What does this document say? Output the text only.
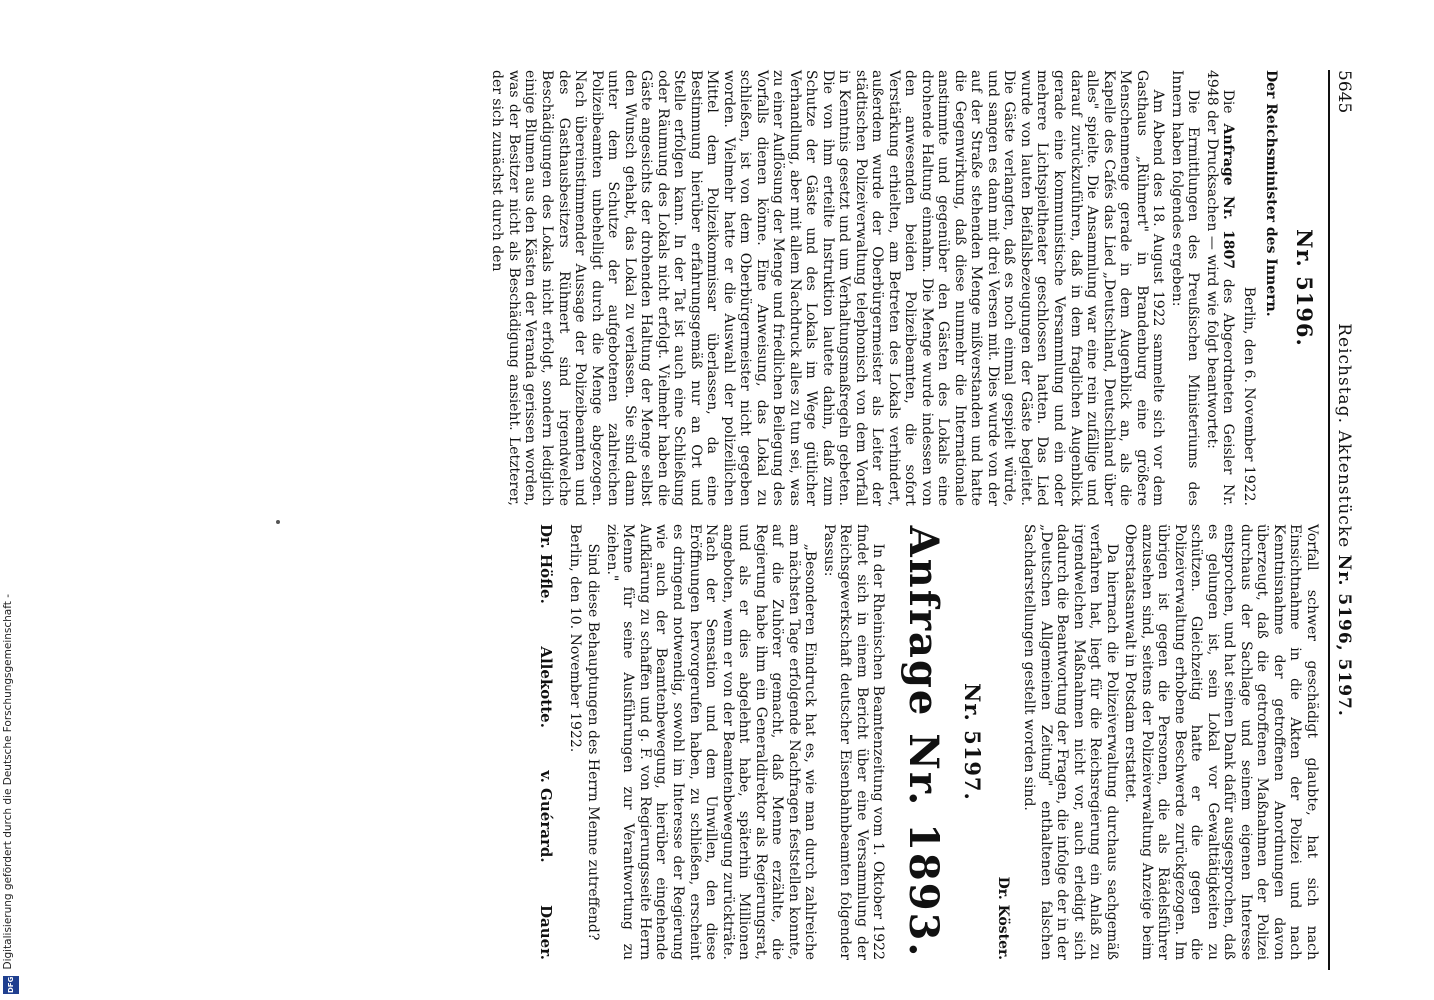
Digitalisierung gefördert durch die Deutsche Forschungsgemeinschaft -
DFG
5645
Reichstag. Aktenstücke Nr. 5196, 5197.
Nr. 5196.
Der Reichsminister des Innern.
Berlin, den 6. November 1922.

Die Anfrage Nr. 1807 des Abgeordneten Geisler Nr. 4948 der Drucksachen — wird wie folgt beantwortet:

Die Ermittlungen des Preußischen Ministeriums des Innern haben folgendes ergeben:

Am Abend des 18. August 1922 sammelte sich vor dem Gasthaus „Rühmert" in Brandenburg eine größere Menschenmenge gerade in dem Augenblick an, als die Kapelle des Cafés das Lied „Deutschland, Deutschland über alles" spielte. Die Ansammlung war eine rein zufällige und darauf zurückzuführen, daß in dem fraglichen Augenblick gerade eine kommunistische Versammlung und ein oder mehrere Lichtspieltheater geschlossen hatten. Das Lied wurde von lauten Beifallsbezeugungen der Gäste begleitet. Die Gäste verlangten, daß es noch einmal gespielt würde, und sangen es dann mit drei Versen mit. Dies wurde von der auf der Straße stehenden Menge mißverstanden und hatte die Gegenwirkung, daß diese nunmehr die Internationale anstimmte und gegenüber den Gästen des Lokals eine drohende Haltung einnahm. Die Menge wurde indessen von den anwesenden beiden Polizeibeamten, die sofort Verstärkung erhielten, am Betreten des Lokals verhindert, außerdem wurde der Oberbürgermeister als Leiter der städtischen Polizeiverwaltung telephonisch von dem Vorfall in Kenntnis gesetzt und um Verhaltungsmaßregeln gebeten. Die von ihm erteilte Instruktion lautete dahin, daß zum Schutze der Gäste und des Lokals im Wege gütlicher Verhandlung, aber mit allem Nachdruck alles zu tun sei, was zu einer Auflösung der Menge und friedlichen Beilegung des Vorfalls dienen könne. Eine Anweisung, das Lokal zu schließen, ist von dem Oberbürgermeister nicht gegeben worden. Vielmehr hatte er die Auswahl der polizeilichen Mittel dem Polizeikommissar überlassen, da eine Bestimmung hierüber erfahrungsgemäß nur an Ort und Stelle erfolgen kann. In der Tat ist auch eine Schließung oder Räumung des Lokals nicht erfolgt. Vielmehr haben die Gäste angesichts der drohenden Haltung der Menge selbst den Wunsch gehabt, das Lokal zu verlassen. Sie sind dann unter dem Schutze der aufgebotenen zahlreichen Polizeibeamten unbehelligt durch die Menge abgezogen. Nach übereinstimmender Aussage der Polizeibeamten und des Gasthausbesitzers Rühmert sind irgendwelche Beschädigungen des Lokals nicht erfolgt, sondern lediglich einige Blumen aus den Kästen der Veranda gerissen worden, was der Besitzer nicht als Beschädigung ansieht. Letzterer, der sich zunächst durch den

Vorfall schwer geschädigt glaubte, hat sich nach Einsichtnahme in die Akten der Polizei und nach Kenntnisnahme der getroffenen Anordnungen davon überzeugt, daß die getroffenen Maßnahmen der Polizei durchaus der Sachlage und seinem eigenen Interesse entsprochen, und hat seinen Dank dafür ausgesprochen, daß es gelungen ist, sein Lokal vor Gewalttätigkeiten zu schützen. Gleichzeitig hatte er die gegen die Polizeiverwaltung erhobene Beschwerde zurückgezogen. Im übrigen ist gegen die Personen, die als Rädelsführer anzusehen sind, seitens der Polizeiverwaltung Anzeige beim Oberstaatsanwalt in Potsdam erstattet.

Da hiernach die Polizeiverwaltung durchaus sachgemäß verfahren hat, liegt für die Reichsregierung ein Anlaß zu irgendwelchen Maßnahmen nicht vor, auch erledigt sich dadurch die Beantwortung der Fragen, die infolge der in der „Deutschen Allgemeinen Zeitung" enthaltenen falschen Sachdarstellungen gestellt worden sind.

Dr. Köster.
Nr. 5197.
Anfrage Nr. 1893.

In der Rheinischen Beamtenzeitung vom 1. Oktober 1922 findet sich in einem Bericht über eine Versammlung der Reichsgewerkschaft deutscher Eisenbahnbeamten folgender Passus:

„Besonderen Eindruck hat es, wie man durch zahlreiche am nächsten Tage erfolgende Nachfragen feststellen konnte, auf die Zuhörer gemacht, daß Menne erzählte, die Regierung habe ihm ein Generaldirektor als Regierungsrat, und als er dies abgelehnt habe, späterhin Millionen angeboten, wenn er von der Beamtenbewegung zurückträte. Nach der Sensation und dem Unwillen, den diese Eröffnungen hervorgerufen haben, zu schließen, erscheint es dringend notwendig, sowohl im Interesse der Regierung wie auch der Beamtenbewegung, hierüber eingehende Aufklärung zu schaffen und g. F. von Regierungsseite Herrn Menne für seine Ausführungen zur Verantwortung zu ziehen."

Sind diese Behauptungen des Herrn Menne zutreffend?

Berlin, den 10. November 1922.

Dr. Höfle.
Allekotte.
v. Guérard.
Dauer.
